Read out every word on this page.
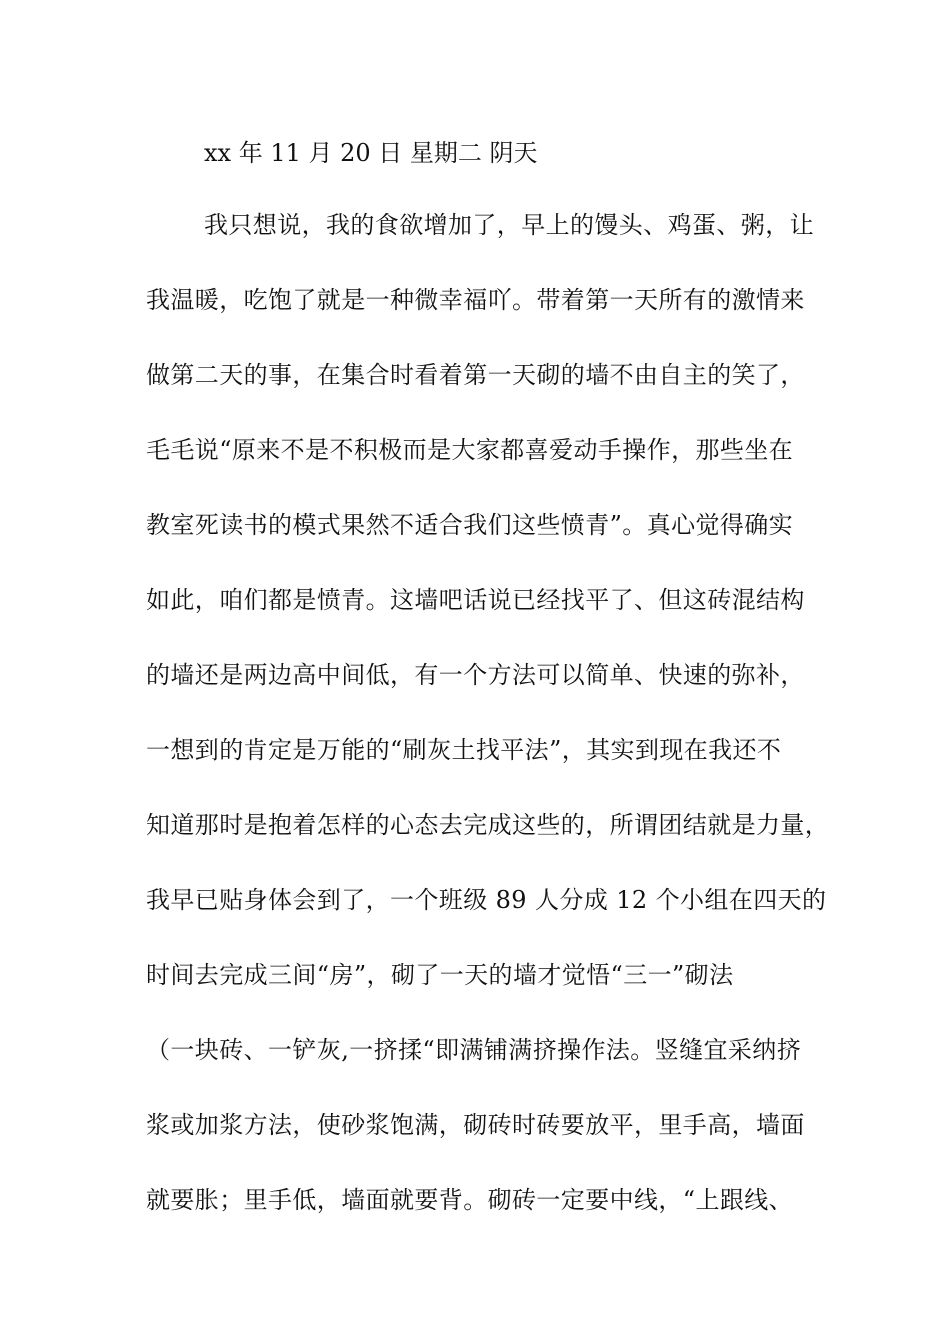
xx 年 11 月 20 日 星期二 阴天
我只想说，我的食欲增加了，早上的馒头、鸡蛋、粥，让
我温暖，吃饱了就是一种微幸福吖。带着第一天所有的激情来
做第二天的事，在集合时看着第一天砌的墙不由自主的笑了，
毛毛说“原来不是不积极而是大家都喜爱动手操作，那些坐在
教室死读书的模式果然不适合我们这些愤青”。真心觉得确实
如此，咱们都是愤青。这墙吧话说已经找平了、但这砖混结构
的墙还是两边高中间低，有一个方法可以简单、快速的弥补，
一想到的肯定是万能的“刷灰土找平法”，其实到现在我还不
知道那时是抱着怎样的心态去完成这些的，所谓团结就是力量，
我早已贴身体会到了，一个班级 89 人分成 12 个小组在四天的
时间去完成三间“房”，砌了一天的墙才觉悟“三一”砌法
（一块砖、一铲灰,一挤揉“即满铺满挤操作法。竖缝宜采纳挤
浆或加浆方法，使砂浆饱满，砌砖时砖要放平，里手高，墙面
就要胀；里手低，墙面就要背。砌砖一定要中线，“上跟线、
